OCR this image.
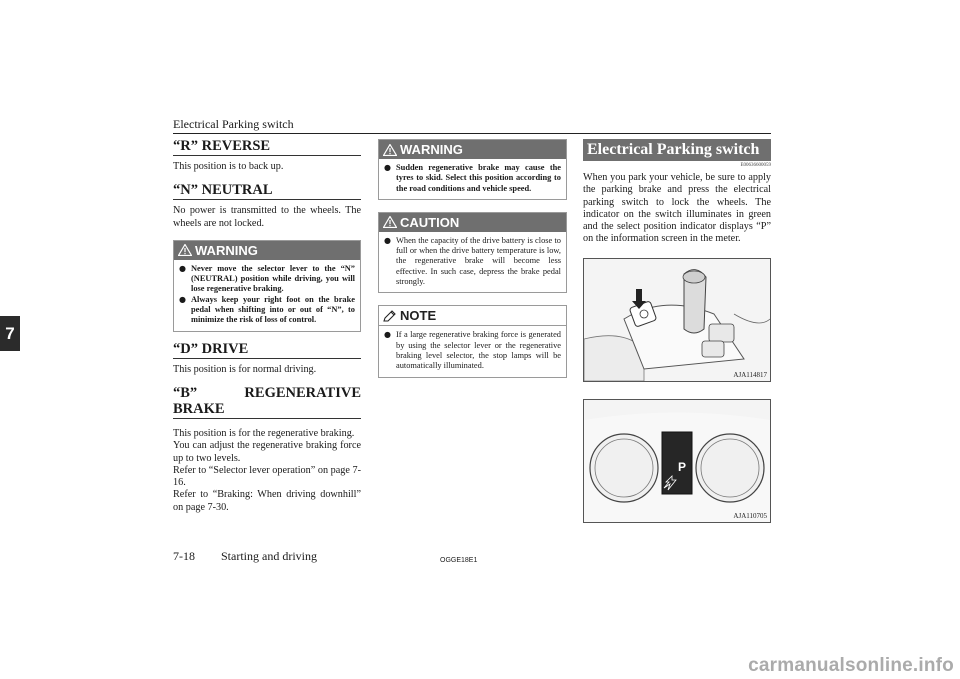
Electrical Parking switch
7
“R” REVERSE

This position is to back up.

“N” NEUTRAL

No power is transmitted to the wheels. The wheels are not locked.

WARNING
● Never move the selector lever to the “N” (NEUTRAL) position while driving, you will lose regenerative braking.
● Always keep your right foot on the brake pedal when shifting into or out of “N”, to minimize the risk of loss of control.
“D” DRIVE

This position is for normal driving.

“B” REGENERATIVE
BRAKE

This position is for the regenerative braking.

You can adjust the regenerative braking force up to two levels.

Refer to “Selector lever operation” on page 7-16.

Refer to “Braking: When driving downhill” on page 7-30.

WARNING
● Sudden regenerative brake may cause the tyres to skid. Select this position according to the road conditions and vehicle speed.
CAUTION
● When the capacity of the drive battery is close to full or when the drive battery temperature is low, the regenerative brake will become less effective. In such case, depress the brake pedal strongly.
NOTE
● If a large regenerative braking force is generated by using the selector lever or the regenerative braking level selector, the stop lamps will be automatically illuminated.
Electrical Parking switch
E00636600059

When you park your vehicle, be sure to apply the parking brake and press the electrical parking switch to lock the wheels. The indicator on the switch illuminates in green and the select position indicator displays “P” on the information screen in the meter.

AJA114817
P
AJA110705
7-18 Starting and driving	OGGE18E1
carmanualsonline.info
